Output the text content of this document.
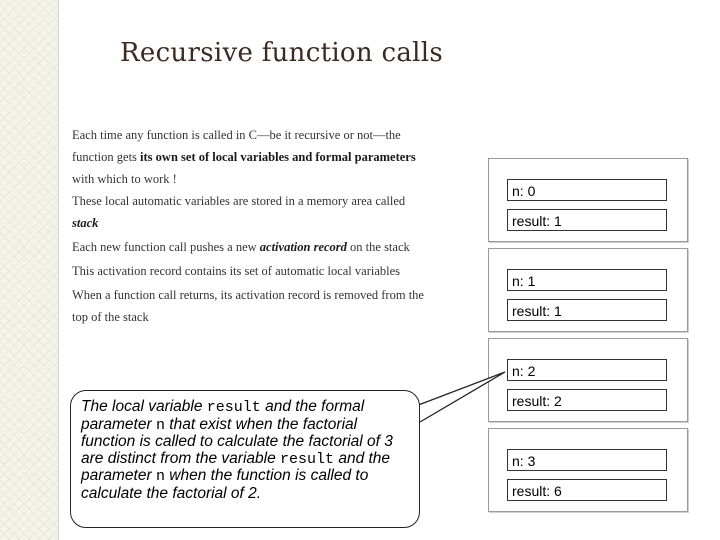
Recursive function calls
Each time any function is called in C—be it recursive or not—the function gets its own set of local variables and formal parameters with which to work !
These local automatic variables are stored in a memory area called stack
Each new function call pushes a new activation record on the stack
This activation record contains its set of automatic local variables
When a function call returns, its activation record is removed from the top of the stack
n: 0
result: 1
n: 1
result: 1
n: 2
result: 2
n: 3
result: 6
The local variable result and the formal parameter n that exist when the factorial function is called to calculate the factorial of 3 are distinct from the variable result and the parameter n when the function is called to calculate the factorial of 2.
